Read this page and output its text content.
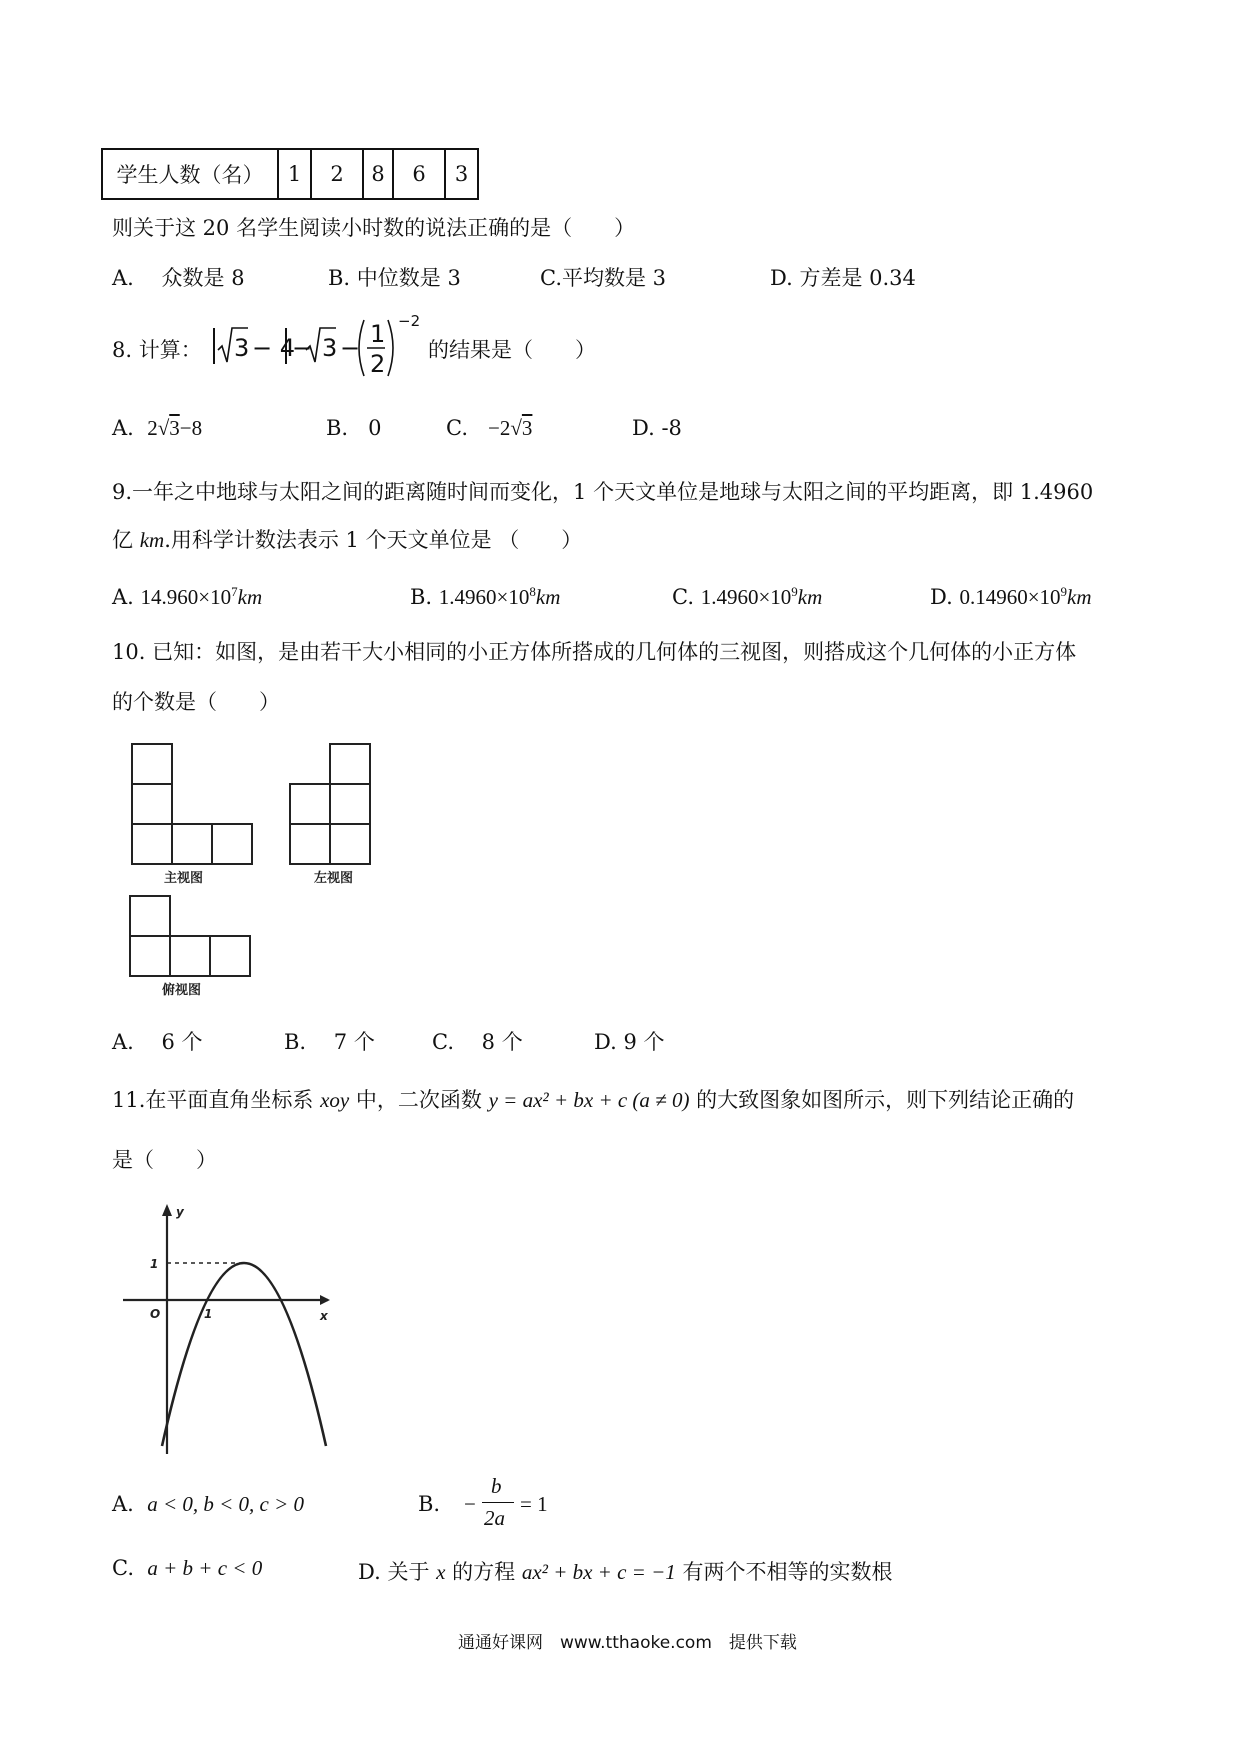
学生人数（名）	1	2	8	6	3
则关于这 20 名学生阅读小时数的说法正确的是（　　）
A.　 众数是 8	B. 中位数是 3	C.平均数是 3	D. 方差是 0.34
8. 计算： 3 − 4
− 3 − 1
2
−2
的结果是（　　）
A. 2√3−8	B. 0	C. −2√3	D. -8
9.一年之中地球与太阳之间的距离随时间而变化，1 个天文单位是地球与太阳之间的平均距离，即 1.4960
亿 km.用科学计数法表示 1 个天文单位是 （　　）
A. $14.960\times 10^7km$	B. $1.4960\times 10^8km$	C. $1.4960\times 10^9km$	D. $0.14960\times 10^9km$
10. 已知：如图，是由若干大小相同的小正方体所搭成的几何体的三视图，则搭成这个几何体的小正方体
的个数是（　　）
主视图	左视图
俯视图
A.　 6 个	B.　 7 个	C.　 8 个	D. 9 个
11.在平面直角坐标系 xoy 中，二次函数 y = ax² + bx + c (a ≠ 0) 的大致图象如图所示，则下列结论正确的
是（　　）
y
x
O
1
1
A. a < 0, b < 0, c > 0	B. −
b
2a
= 1
C. a + b + c < 0	D. 关于 x 的方程 ax² + bx + c = −1 有两个不相等的实数根
通通好课网　www.tthaoke.com　提供下载
